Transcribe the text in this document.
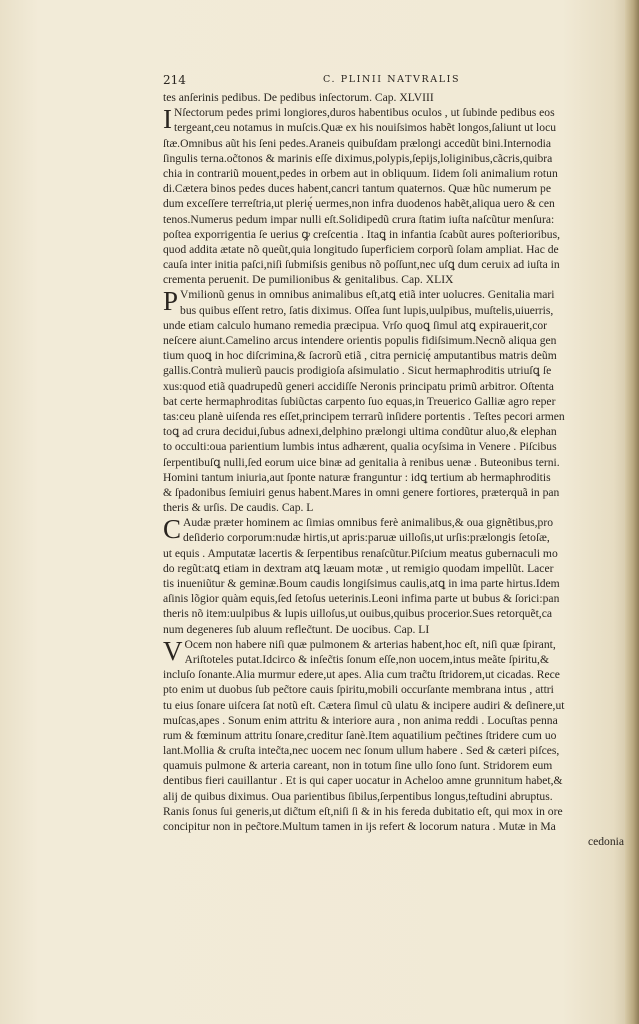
214	C. PLINII NATVRALIS
tes anſerinis pedibus. De pedibus inſectorum. Cap. XLVIII
I Nſectorum pedes primi longiores,duros habentibus oculos , ut ſubinde pedibus eos
tergeant,ceu notamus in muſcis.Quæ ex his nouiſsimos habẽt longos,ſaliunt ut locu
ſtæ.Omnibus aũt his ſeni pedes.Araneis quibuſdam prælongi accedũt bini.Internodia
ſingulis terna.oc̃tonos & marinis eſſe diximus,polypis,ſepijs,loliginibus,cãcris,quibra
chia in contrariũ mouent,pedes in orbem aut in obliquum. Iidem ſoli animalium rotun
di.Cætera binos pedes duces habent,cancri tantum quaternos. Quæ hũc numerum pe
dum exceſſere terreſtria,ut plerię́ uermes,non infra duodenos habẽt,aliqua uero & cen
tenos.Numerus pedum impar nulli eſt.Solidipedũ crura ſtatim iuſta naſcũtur menſura:
poſtea exporrigentia ſe uerius ꝙ creſcentia . Itaꝗ in infantia ſcabũt aures poſterioribus,
quod addita ætate nõ queũt,quia longitudo ſuperficiem corporũ ſolam ampliat. Hac de
cauſa inter initia paſci,niſi ſubmiſsis genibus nõ poſſunt,nec uſꝗ dum ceruix ad iuſta in
crementa peruenit. De pumilionibus & genitalibus. Cap. XLIX
P Vmilionũ genus in omnibus animalibus eſt,atꝗ etiã inter uolucres. Genitalia mari
bus quibus eſſent retro, ſatis diximus. Oſſea ſunt lupis,uulpibus, muſtelis,uiuerris,
unde etiam calculo humano remedia præcipua. Vrſo quoꝗ ſimul atꝗ expirauerit,cor
neſcere aiunt.Camelino arcus intendere orientis populis fidiſsimum.Necnõ aliqua gen
tium quoꝗ in hoc diſcrimina,& ſacrorũ etiã , citra pernicię́ amputantibus matris deũm
gallis.Contrà mulierũ paucis prodigioſa aſsimulatio . Sicut hermaphroditis utriuſꝗ ſe
xus:quod etiã quadrupedũ generi accidiſſe Neronis principatu primũ arbitror. Oſtenta
bat certe hermaphroditas ſubiũctas carpento ſuo equas,in Treuerico Galliæ agro reper
tas:ceu planè uiſenda res eſſet,principem terrarũ inſidere portentis . Teſtes pecori armen
toꝗ ad crura decidui,ſubus adnexi,delphino prælongi ultima condũtur aluo,& elephan
to occulti:oua parientium lumbis intus adhærent, qualia ocyſsima in Venere . Piſcibus
ſerpentibuſꝗ nulli,ſed eorum uice binæ ad genitalia à renibus uenæ . Buteonibus terni.
Homini tantum iniuria,aut ſponte naturæ franguntur : idꝗ tertium ab hermaphroditis
& ſpadonibus ſemiuiri genus habent.Mares in omni genere fortiores, præterquã in pan
theris & urſis. De caudis. Cap. L
C Audæ præter hominem ac ſimias omnibus ferè animalibus,& oua gignẽtibus,pro
deſiderio corporum:nudæ hirtis,ut apris:paruæ uilloſis,ut urſis:prælongis ſetoſæ,
ut equis . Amputatæ lacertis & ſerpentibus renaſcũtur.Piſcium meatus gubernaculi mo
do regũt:atꝗ etiam in dextram atꝗ læuam motæ , ut remigio quodam impellũt. Lacer
tis inueniũtur & geminæ.Boum caudis longiſsimus caulis,atꝗ in ima parte hirtus.Idem
aſinis lõgior quàm equis,ſed ſetoſus ueterinis.Leoni infima parte ut bubus & ſorici:pan
theris nõ item:uulpibus & lupis uilloſus,ut ouibus,quibus procerior.Sues retorquẽt,ca
num degeneres ſub aluum reflec̃tunt. De uocibus. Cap. LI
V Ocem non habere niſi quæ pulmonem & arterias habent,hoc eſt, niſi quæ ſpirant,
Ariſtoteles putat.Idcirco & inſec̃tis ſonum eſſe,non uocem,intus meãte ſpiritu,&
incluſo ſonante.Alia murmur edere,ut apes. Alia cum trac̃tu ſtridorem,ut cicadas. Rece
pto enim ut duobus ſub pec̃tore cauis ſpiritu,mobili occurſante membrana intus , attri
tu eius ſonare uiſcera ſat notũ eſt. Cætera ſimul cũ ulatu & incipere audiri & deſinere,ut
muſcas,apes . Sonum enim attritu & interiore aura , non anima reddi . Locuſtas penna
rum & fœminum attritu ſonare,creditur ſanè.Item aquatilium pec̃tines ſtridere cum uo
lant.Mollia & cruſta intec̃ta,nec uocem nec ſonum ullum habere . Sed & cæteri piſces,
quamuis pulmone & arteria careant, non in totum ſine ullo ſono ſunt. Stridorem eum
dentibus fieri cauillantur . Et is qui caper uocatur in Acheloo amne grunnitum habet,&
alij de quibus diximus. Oua parientibus ſibilus,ſerpentibus longus,teſtudini abruptus.
Ranis ſonus ſui generis,ut dic̃tum eſt,niſi ſi & in his fereda dubitatio eſt, qui mox in ore
concipitur non in pec̃tore.Multum tamen in ijs refert & locorum natura . Mutæ in Ma
cedonia
